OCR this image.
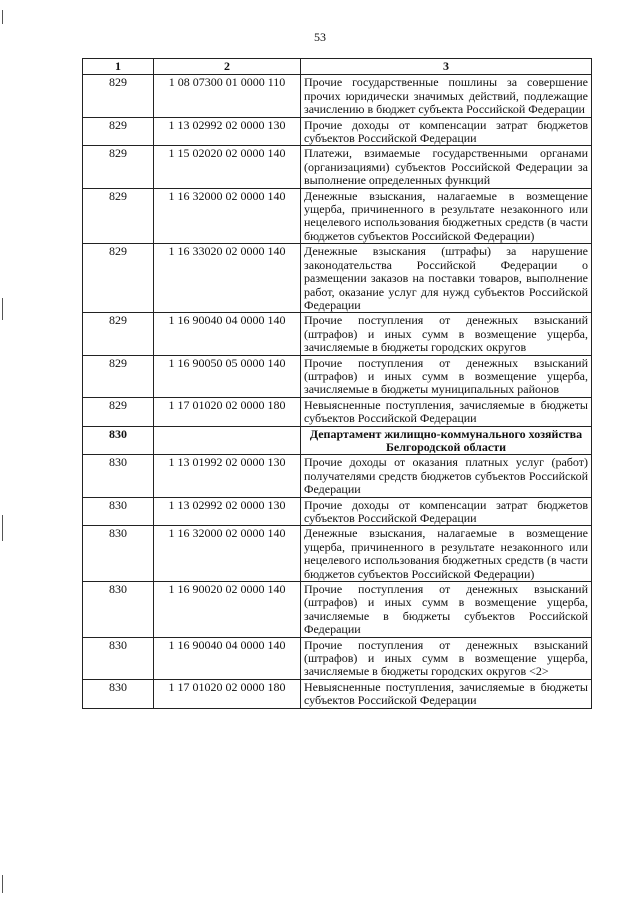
53
1	2	3
829	1 08 07300 01 0000 110	Прочие государственные пошлины за совершение прочих юридически значимых действий, подлежащие зачислению в бюджет субъекта Российской Федерации
829	1 13 02992 02 0000 130	Прочие доходы от компенсации затрат бюджетов субъектов Российской Федерации
829	1 15 02020 02 0000 140	Платежи, взимаемые государственными органами (организациями) субъектов Российской Федерации за выполнение определенных функций
829	1 16 32000 02 0000 140	Денежные взыскания, налагаемые в возмещение ущерба, причиненного в результате незаконного или нецелевого использования бюджетных средств (в части бюджетов субъектов Российской Федерации)
829	1 16 33020 02 0000 140	Денежные взыскания (штрафы) за нарушение законодательства Российской Федерации о размещении заказов на поставки товаров, выполнение работ, оказание услуг для нужд субъектов Российской Федерации
829	1 16 90040 04 0000 140	Прочие поступления от денежных взысканий (штрафов) и иных сумм в возмещение ущерба, зачисляемые в бюджеты городских округов
829	1 16 90050 05 0000 140	Прочие поступления от денежных взысканий (штрафов) и иных сумм в возмещение ущерба, зачисляемые в бюджеты муниципальных районов
829	1 17 01020 02 0000 180	Невыясненные поступления, зачисляемые в бюджеты субъектов Российской Федерации
830		Департамент жилищно-коммунального хозяйства Белгородской области
830	1 13 01992 02 0000 130	Прочие доходы от оказания платных услуг (работ) получателями средств бюджетов субъектов Российской Федерации
830	1 13 02992 02 0000 130	Прочие доходы от компенсации затрат бюджетов субъектов Российской Федерации
830	1 16 32000 02 0000 140	Денежные взыскания, налагаемые в возмещение ущерба, причиненного в результате незаконного или нецелевого использования бюджетных средств (в части бюджетов субъектов Российской Федерации)
830	1 16 90020 02 0000 140	Прочие поступления от денежных взысканий (штрафов) и иных сумм в возмещение ущерба, зачисляемые в бюджеты субъектов Российской Федерации
830	1 16 90040 04 0000 140	Прочие поступления от денежных взысканий (штрафов) и иных сумм в возмещение ущерба, зачисляемые в бюджеты городских округов <2>
830	1 17 01020 02 0000 180	Невыясненные поступления, зачисляемые в бюджеты субъектов Российской Федерации
